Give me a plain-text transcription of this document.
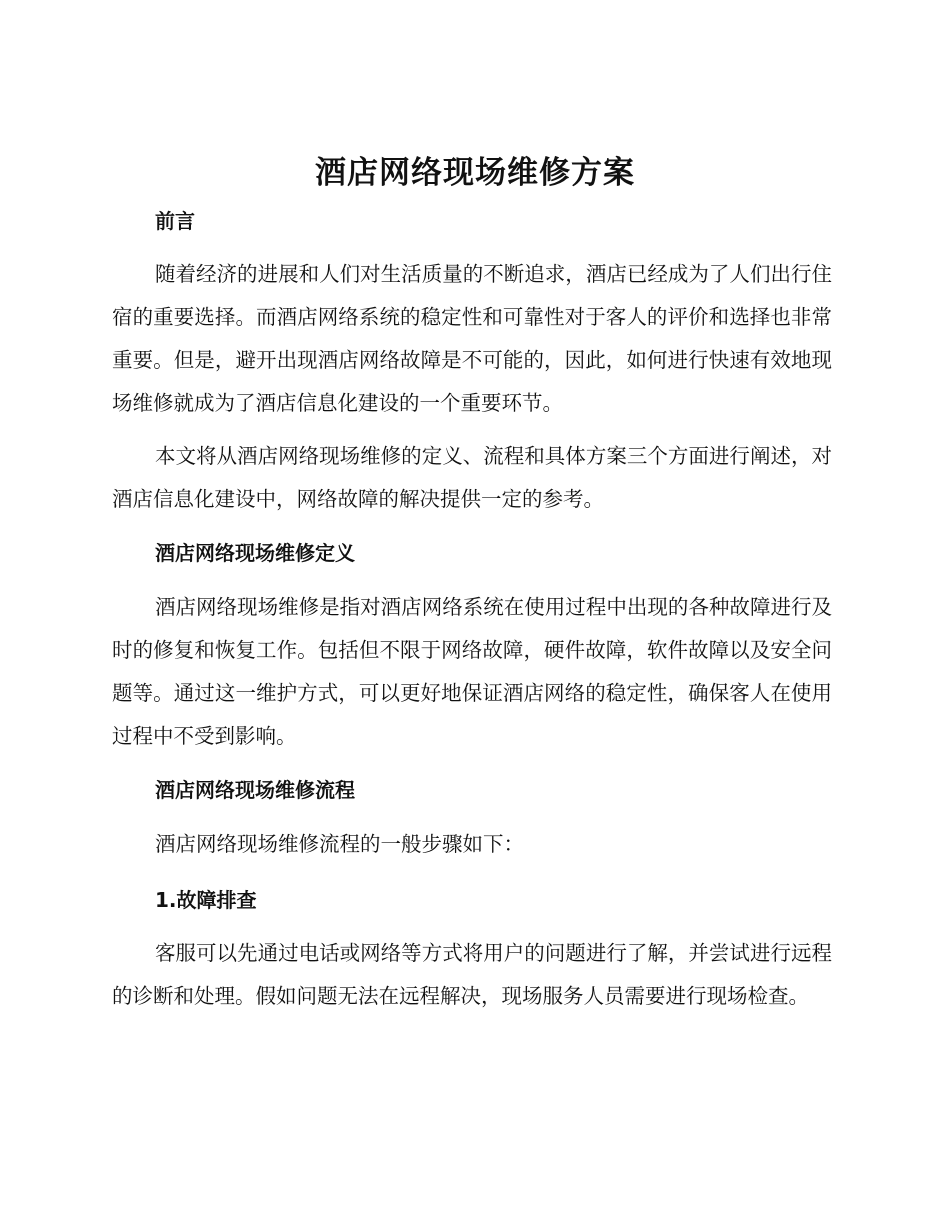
酒店网络现场维修方案
前言

随着经济的进展和人们对生活质量的不断追求，酒店已经成为了人们出行住宿的重要选择。而酒店网络系统的稳定性和可靠性对于客人的评价和选择也非常重要。但是，避开出现酒店网络故障是不可能的，因此，如何进行快速有效地现场维修就成为了酒店信息化建设的一个重要环节。

本文将从酒店网络现场维修的定义、流程和具体方案三个方面进行阐述，对酒店信息化建设中，网络故障的解决提供一定的参考。

酒店网络现场维修定义

酒店网络现场维修是指对酒店网络系统在使用过程中出现的各种故障进行及时的修复和恢复工作。包括但不限于网络故障，硬件故障，软件故障以及安全问题等。通过这一维护方式，可以更好地保证酒店网络的稳定性，确保客人在使用过程中不受到影响。

酒店网络现场维修流程

酒店网络现场维修流程的一般步骤如下：

1.故障排查

客服可以先通过电话或网络等方式将用户的问题进行了解，并尝试进行远程的诊断和处理。假如问题无法在远程解决，现场服务人员需要进行现场检查。
